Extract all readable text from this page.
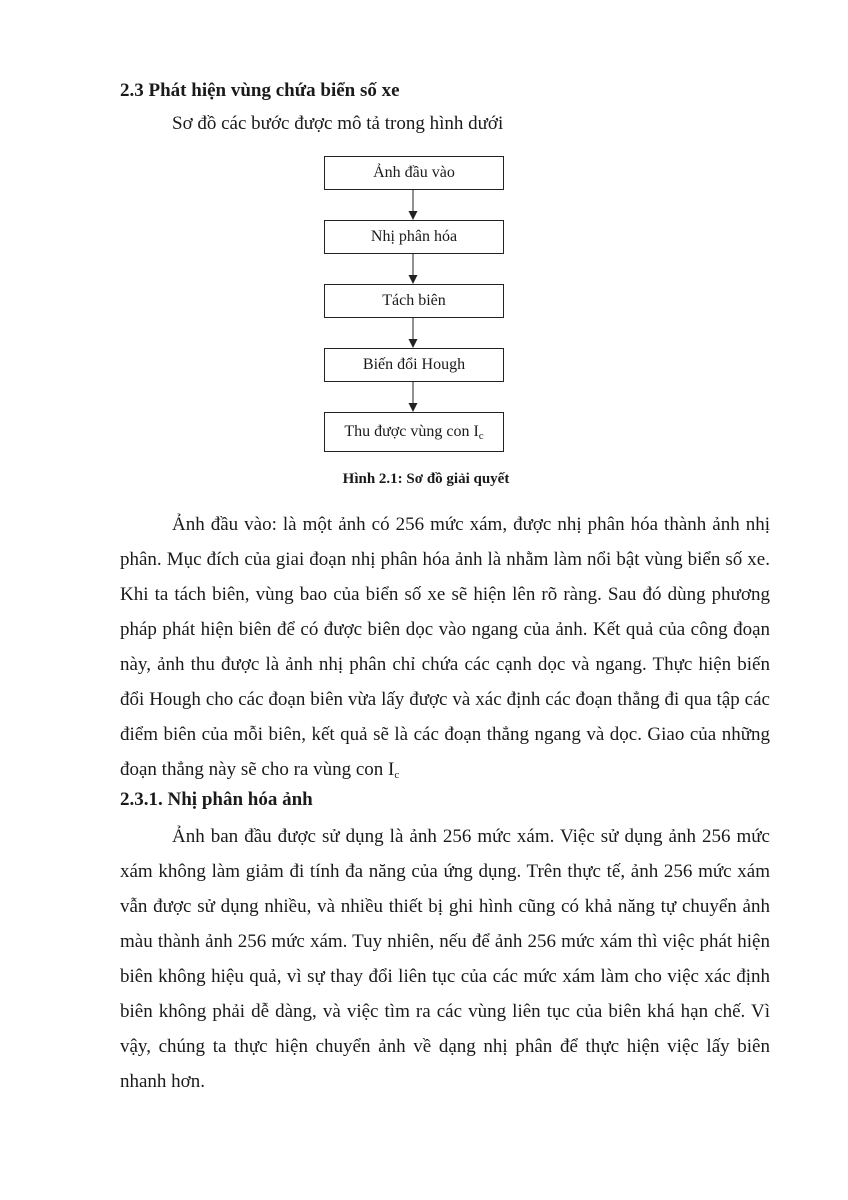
2.3 Phát hiện vùng chứa biển số xe

Sơ đồ các bước được mô tả trong hình dưới

Ảnh đầu vào
Nhị phân hóa
Tách biên
Biến đổi Hough
Thu được vùng con $I_c$
Hình 2.1: Sơ đồ giải quyết

Ảnh đầu vào: là một ảnh có 256 mức xám, được nhị phân hóa thành ảnh nhị phân. Mục đích của giai đoạn nhị phân hóa ảnh là nhằm làm nổi bật vùng biển số xe. Khi ta tách biên, vùng bao của biển số xe sẽ hiện lên rõ ràng. Sau đó dùng phương pháp phát hiện biên để có được biên dọc vào ngang của ảnh. Kết quả của công đoạn này, ảnh thu được là ảnh nhị phân chỉ chứa các cạnh dọc và ngang. Thực hiện biến đổi Hough cho các đoạn biên vừa lấy được và xác định các đoạn thẳng đi qua tập các điểm biên của mỗi biên, kết quả sẽ là các đoạn thẳng ngang và dọc. Giao của những đoạn thẳng này sẽ cho ra vùng con $I_c$

2.3.1. Nhị phân hóa ảnh

Ảnh ban đầu được sử dụng là ảnh 256 mức xám. Việc sử dụng ảnh 256 mức xám không làm giảm đi tính đa năng của ứng dụng. Trên thực tế, ảnh 256 mức xám vẫn được sử dụng nhiều, và nhiều thiết bị ghi hình cũng có khả năng tự chuyển ảnh màu thành ảnh 256 mức xám. Tuy nhiên, nếu để ảnh 256 mức xám thì việc phát hiện biên không hiệu quả, vì sự thay đổi liên tục của các mức xám làm cho việc xác định biên không phải dễ dàng, và việc tìm ra các vùng liên tục của biên khá hạn chế. Vì vậy, chúng ta thực hiện chuyển ảnh về dạng nhị phân để thực hiện việc lấy biên nhanh hơn.
